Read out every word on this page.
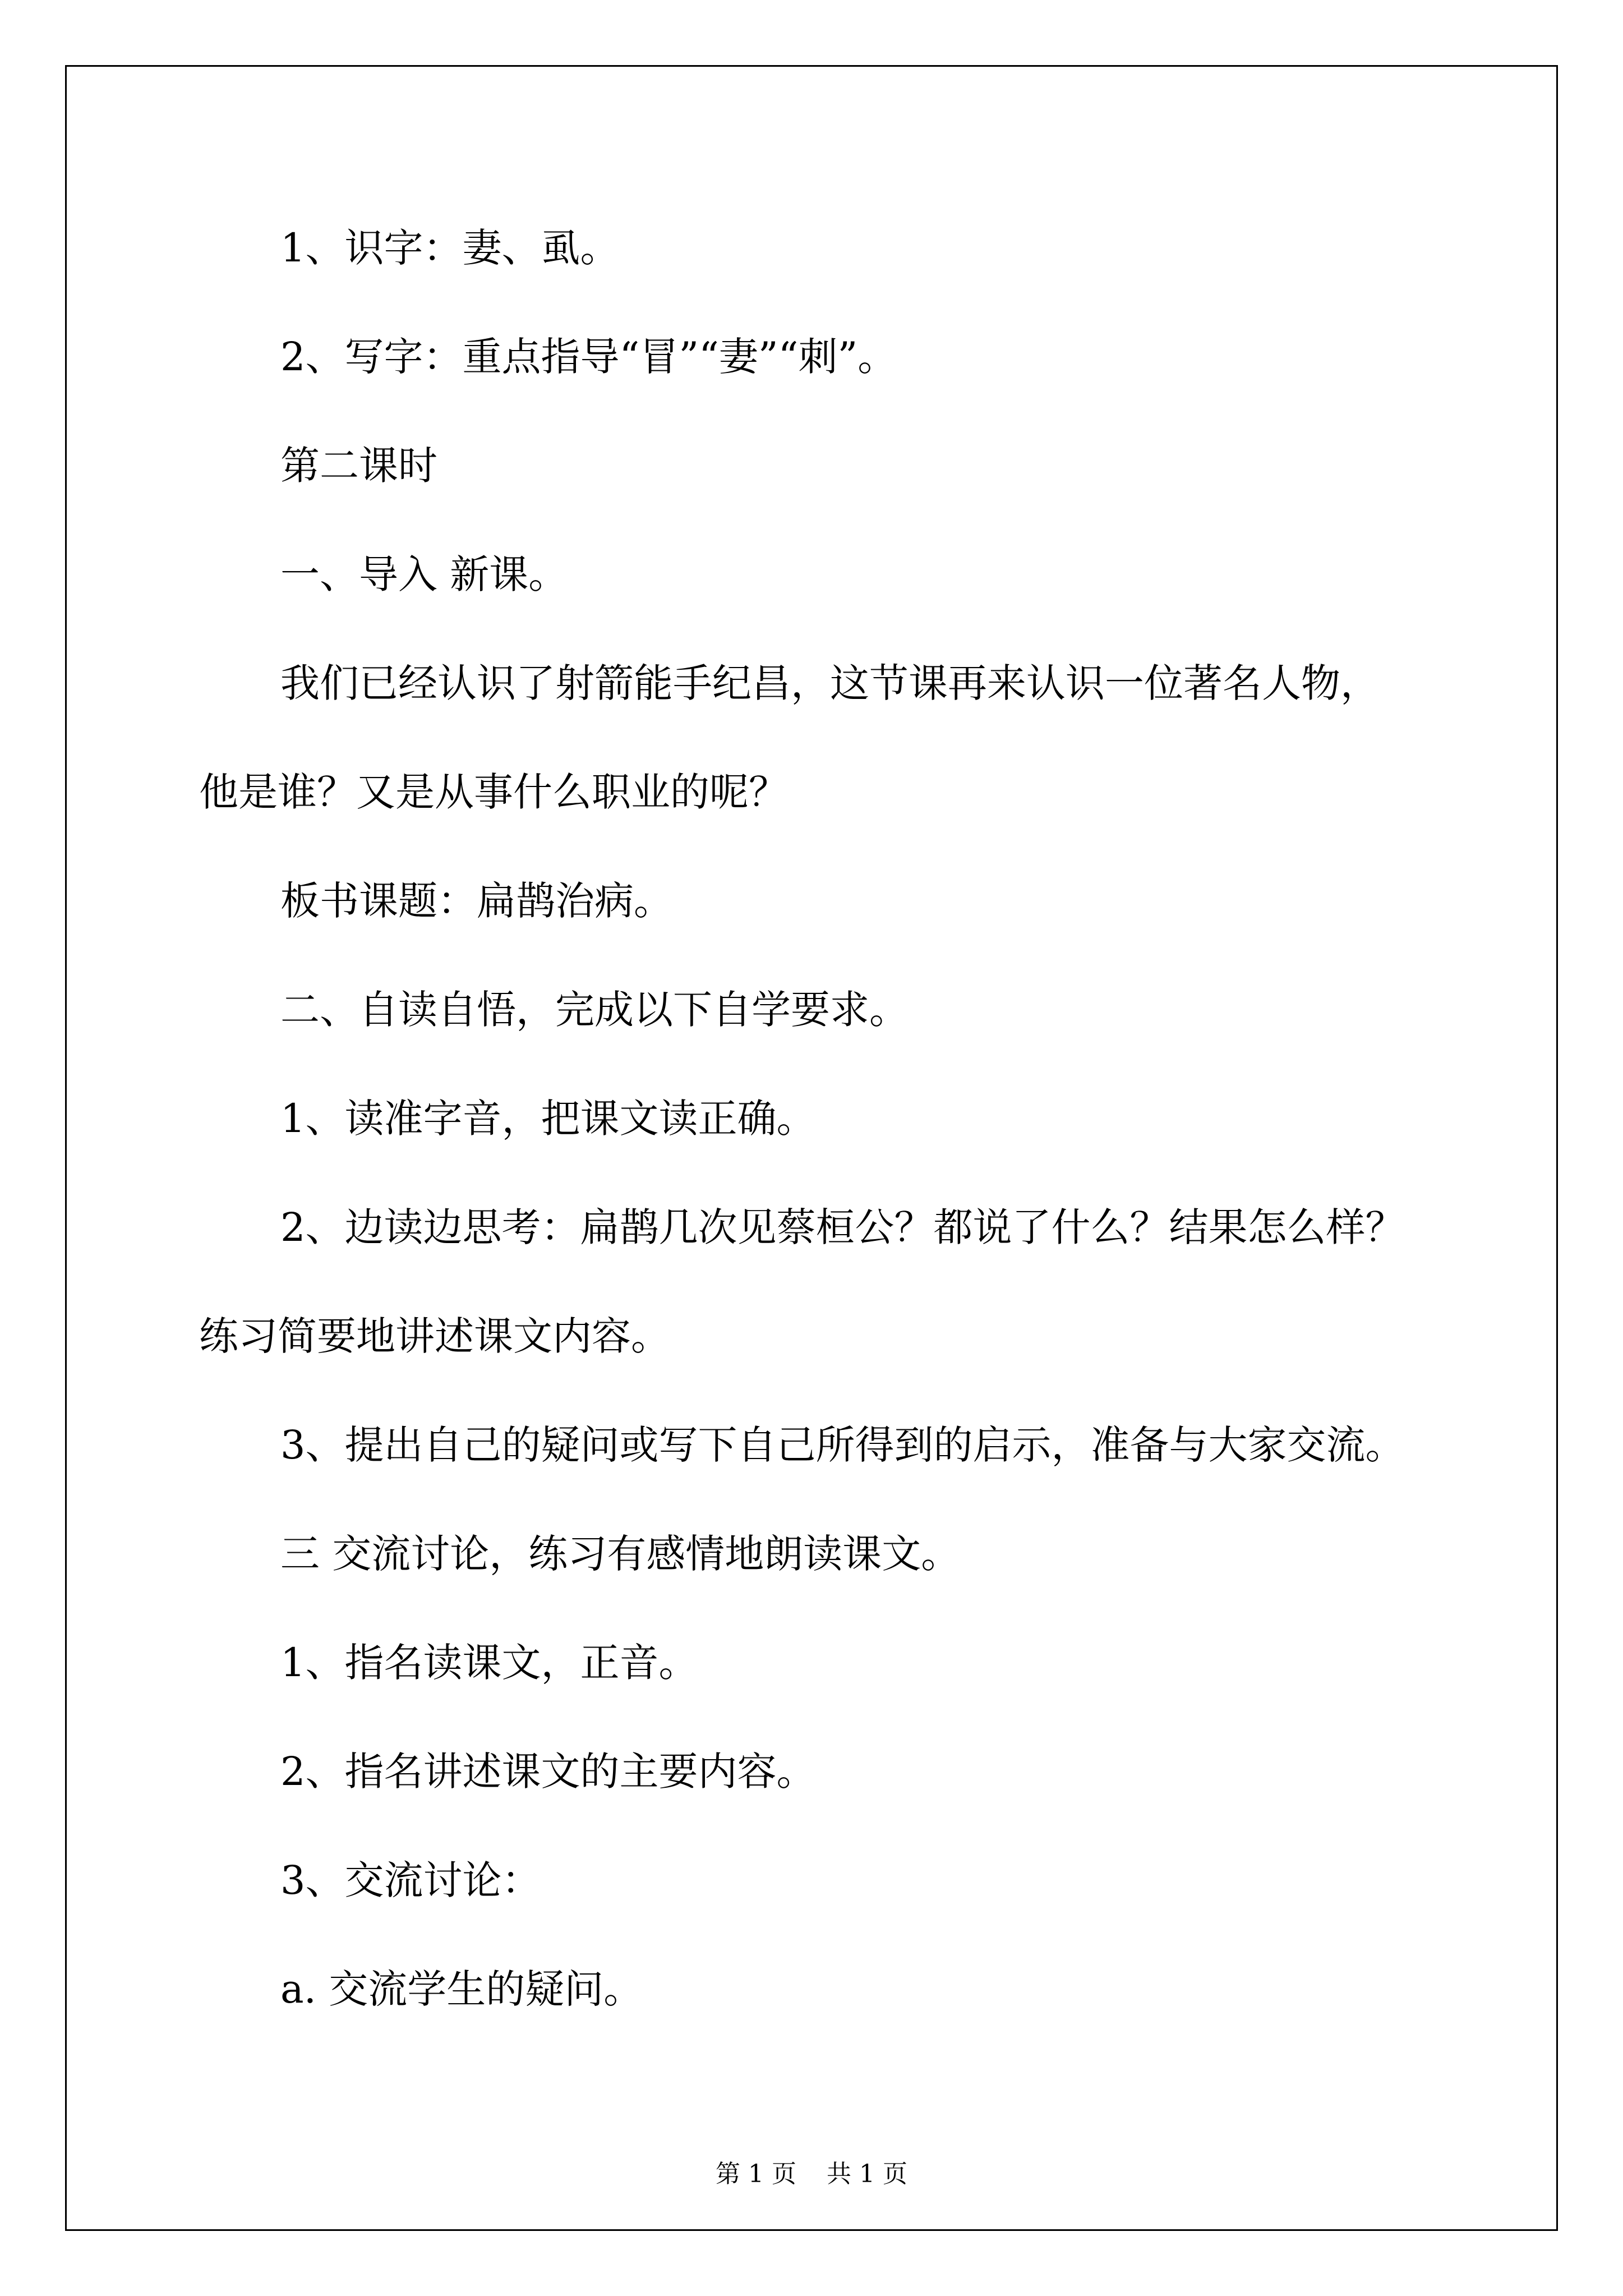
1、识字：妻、虱。

2、写字：重点指导“冒”“妻”“刺”。

第二课时

一、导入 新课。

我们已经认识了射箭能手纪昌，这节课再来认识一位著名人物，
他是谁？又是从事什么职业的呢？

板书课题：扁鹊治病。

二、自读自悟，完成以下自学要求。

1、读准字音，把课文读正确。

2、边读边思考：扁鹊几次见蔡桓公？都说了什么？结果怎么样？
练习简要地讲述课文内容。

3、提出自己的疑问或写下自己所得到的启示，准备与大家交流。

三 交流讨论，练习有感情地朗读课文。

1、指名读课文，正音。

2、指名讲述课文的主要内容。

3、交流讨论：

a. 交流学生的疑问。

第 1 页 共 1 页
